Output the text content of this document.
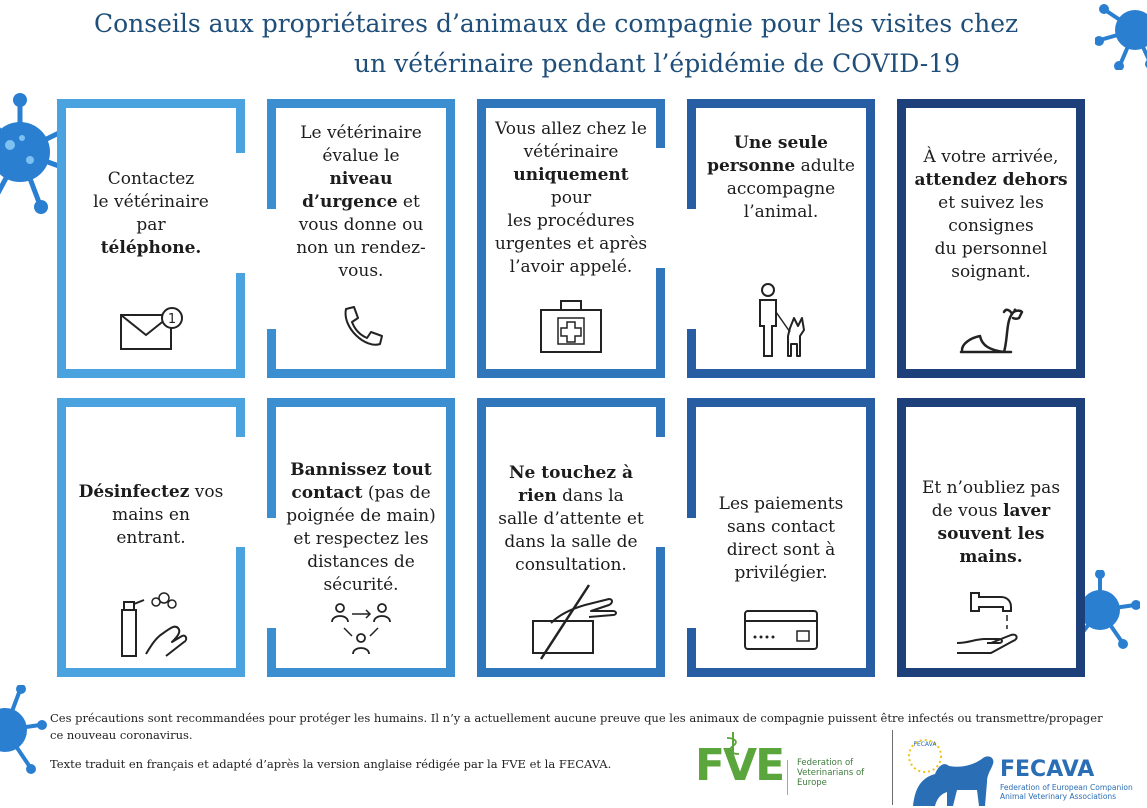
Conseils aux propriétaires d’animaux de compagnie pour les visites chez
un vétérinaire pendant l’épidémie de COVID-19
Contactez
le vétérinaire
par
téléphone.
1
Le vétérinaire
évalue le
niveau
d’urgence et
vous donne ou
non un rendez-
vous.
Vous allez chez le
vétérinaire
uniquement pour
les procédures
urgentes et après
l’avoir appelé.
Une seule
personne adulte
accompagne
l’animal.
À votre arrivée,
attendez dehors
et suivez les
consignes
du personnel
soignant.
Désinfectez vos
mains en
entrant.
Bannissez tout
contact (pas de
poignée de main)
et respectez les
distances de
sécurité.
Ne touchez à
rien dans la
salle d’attente et
dans la salle de
consultation.
Les paiements
sans contact
direct sont à
privilégier.
Et n’oubliez pas
de vous laver
souvent les
mains.
Ces précautions sont recommandées pour protéger les humains. Il n’y a actuellement aucune preuve que les animaux de compagnie puissent être infectés ou transmettre/propager ce nouveau coronavirus.
Texte traduit en français et adapté d’après la version anglaise rédigée par la FVE et la FECAVA. FVE Federation of Veterinarians of Europe
FECAVA
FECAVA
Federation of European Companion Animal Veterinary Associations
